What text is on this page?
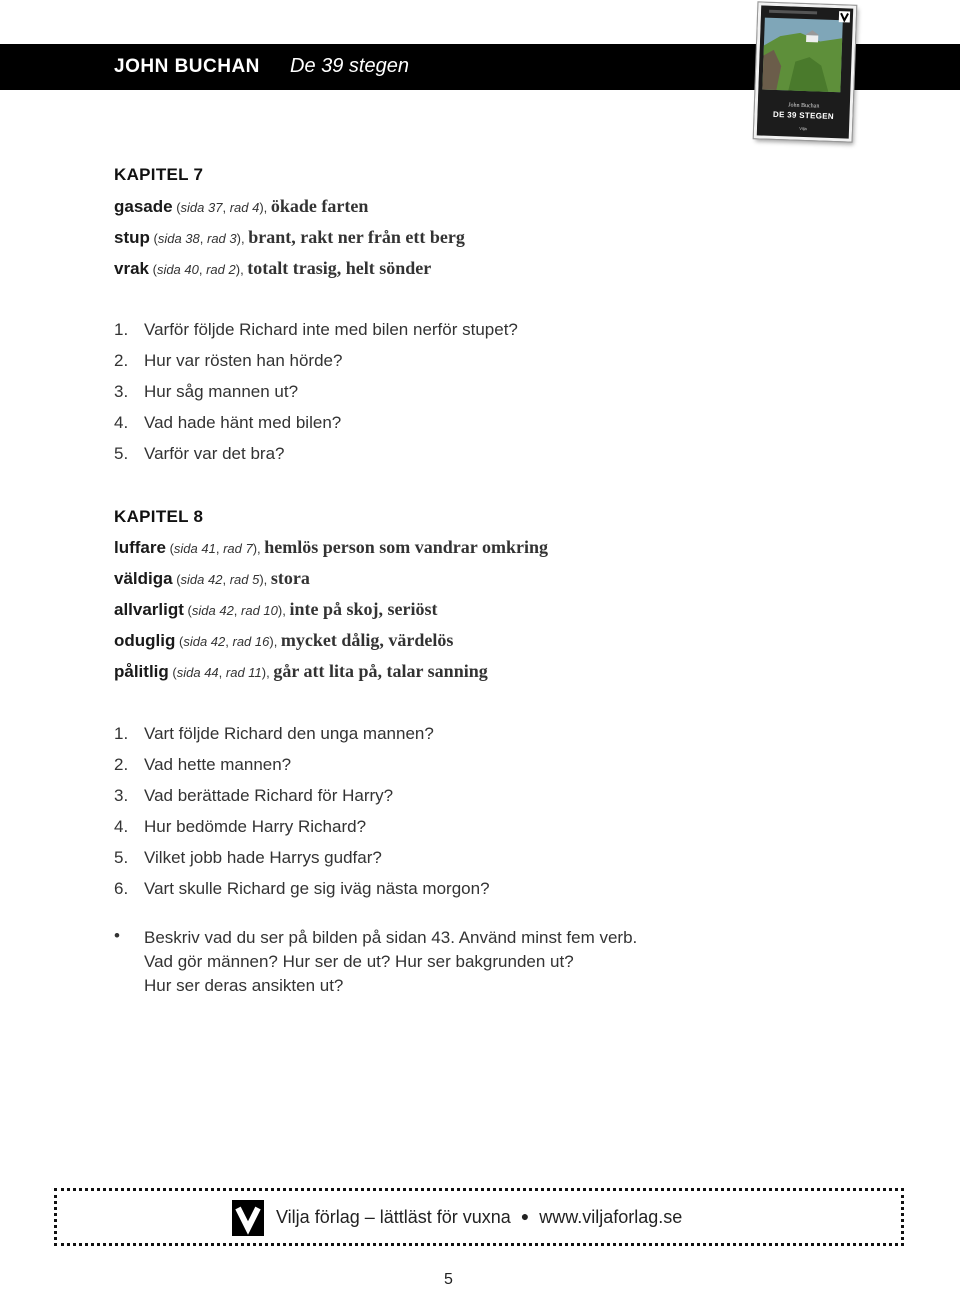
JOHN BUCHAN De 39 stegen
John Buchan
DE 39 STEGEN
Vilja
KAPITEL 7
gasade (sida 37, rad 4), ökade farten
stup (sida 38, rad 3), brant, rakt ner från ett berg
vrak (sida 40, rad 2), totalt trasig, helt sönder
1. Varför följde Richard inte med bilen nerför stupet?
2. Hur var rösten han hörde?
3. Hur såg mannen ut?
4. Vad hade hänt med bilen?
5. Varför var det bra?
KAPITEL 8
luffare (sida 41, rad 7), hemlös person som vandrar omkring
väldiga (sida 42, rad 5), stora
allvarligt (sida 42, rad 10), inte på skoj, seriöst
oduglig (sida 42, rad 16), mycket dålig, värdelös
pålitlig (sida 44, rad 11), går att lita på, talar sanning
1. Vart följde Richard den unga mannen?
2. Vad hette mannen?
3. Vad berättade Richard för Harry?
4. Hur bedömde Harry Richard?
5. Vilket jobb hade Harrys gudfar?
6. Vart skulle Richard ge sig iväg nästa morgon?
•	Beskriv vad du ser på bilden på sidan 43. Använd minst fem verb.
Vad gör männen? Hur ser de ut? Hur ser bakgrunden ut?
Hur ser deras ansikten ut?
Vilja förlag – lättläst för vuxna ● www.viljaforlag.se
5
